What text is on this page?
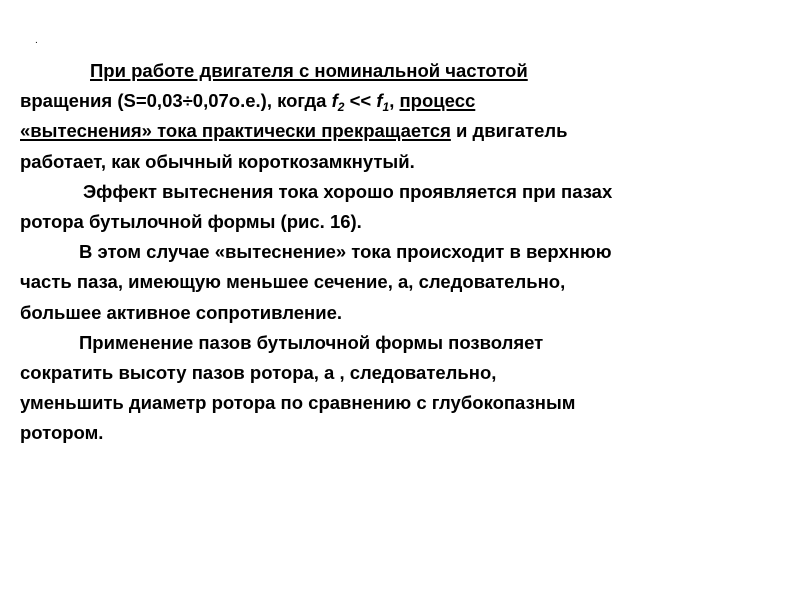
.
При работе двигателя с номинальной частотой
вращения (S=0,03÷0,07о.е.), когда $f_2 << f_1$, процесс
«вытеснения» тока практически прекращается и двигатель
работает, как обычный короткозамкнутый.
Эффект вытеснения тока хорошо проявляется при пазах
ротора бутылочной формы (рис. 16).
В этом случае «вытеснение» тока происходит в верхнюю
часть паза, имеющую меньшее сечение, а, следовательно,
большее активное сопротивление.
Применение пазов бутылочной формы позволяет
сократить высоту пазов ротора, а , следовательно,
уменьшить диаметр ротора по сравнению с глубокопазным
ротором.
